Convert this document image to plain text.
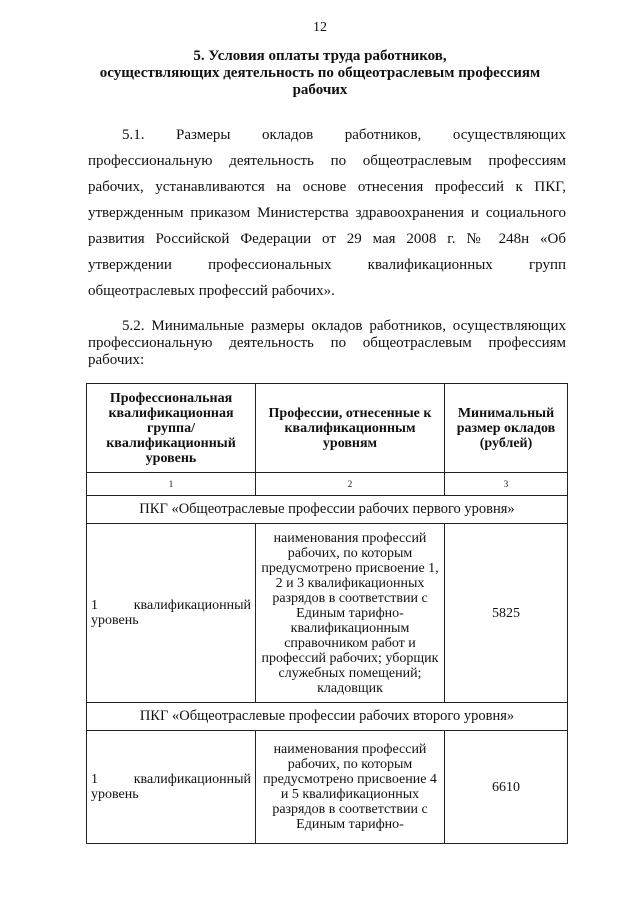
12
5. Условия оплаты труда работников,
осуществляющих деятельность по общеотраслевым профессиям
рабочих
5.1. Размеры окладов работников, осуществляющих профессиональную деятельность по общеотраслевым профессиям рабочих, устанавливаются на основе отнесения профессий к ПКГ, утвержденным приказом Министерства здравоохранения и социального развития Российской Федерации от 29 мая 2008 г. № 248н «Об утверждении профессиональных квалификационных групп общеотраслевых профессий рабочих».
5.2. Минимальные размеры окладов работников, осуществляющих профессиональную деятельность по общеотраслевым профессиям рабочих:
Профессиональная квалификационная группа/ квалификационный уровень	Профессии, отнесенные к квалификационным уровням	Минимальный размер окладов (рублей)
1	2	3
ПКГ «Общеотраслевые профессии рабочих первого уровня»		
1 квалификационный уровень	наименования профессий рабочих, по которым предусмотрено присвоение 1, 2 и 3 квалификационных разрядов в соответствии с Единым тарифно-квалификационным справочником работ и профессий рабочих; уборщик служебных помещений; кладовщик	5825
ПКГ «Общеотраслевые профессии рабочих второго уровня»		
1 квалификационный уровень	наименования профессий рабочих, по которым предусмотрено присвоение 4 и 5 квалификационных разрядов в соответствии с Единым тарифно-	6610
